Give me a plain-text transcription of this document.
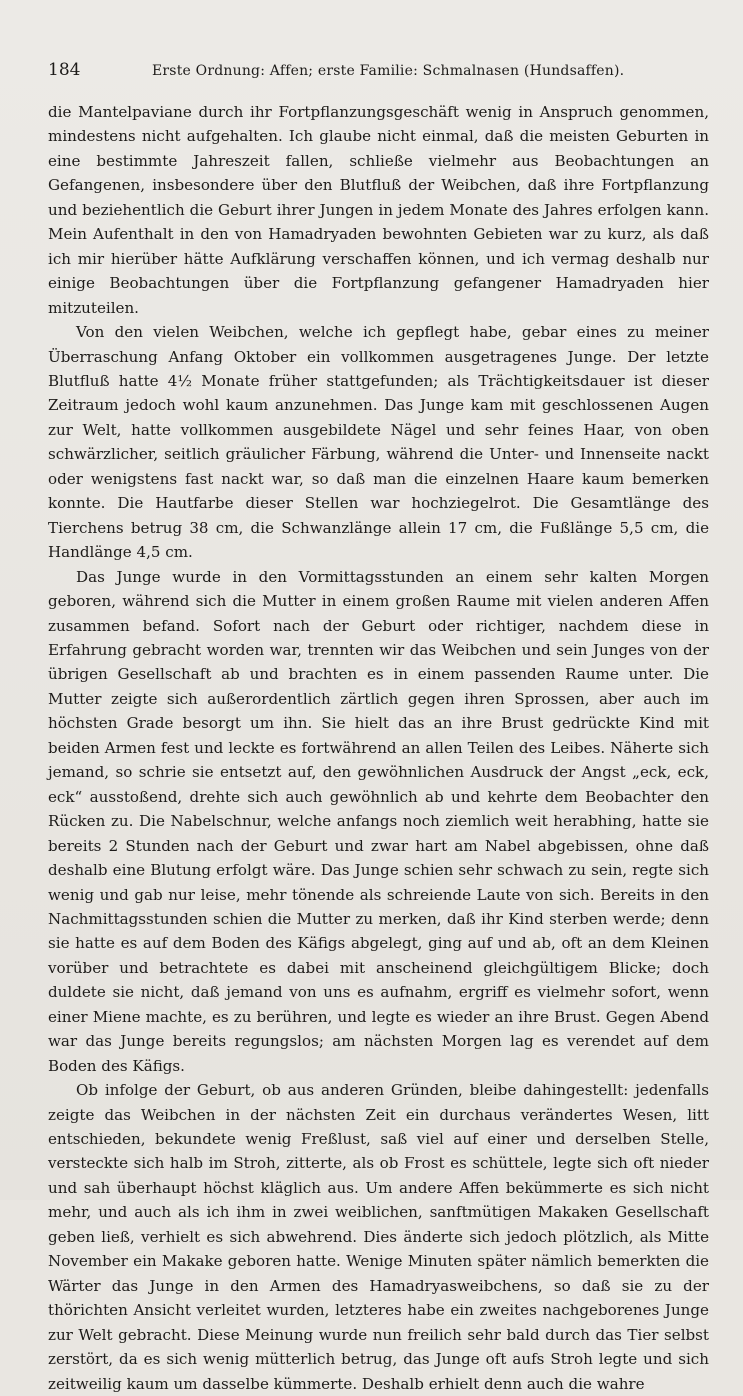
184	Erste Ordnung: Affen; erste Familie: Schmalnasen (Hundsaffen).

die Mantelpaviane durch ihr Fortpflanzungsgeschäft wenig in Anspruch genommen, mindestens nicht aufgehalten. Ich glaube nicht einmal, daß die meisten Geburten in eine bestimmte Jahreszeit fallen, schließe vielmehr aus Beobachtungen an Gefangenen, insbesondere über den Blutfluß der Weibchen, daß ihre Fortpflanzung und beziehentlich die Geburt ihrer Jungen in jedem Monate des Jahres erfolgen kann. Mein Aufenthalt in den von Hamadryaden bewohnten Gebieten war zu kurz, als daß ich mir hierüber hätte Aufklärung verschaffen können, und ich vermag deshalb nur einige Beobachtungen über die Fortpflanzung gefangener Hamadryaden hier mitzuteilen.

Von den vielen Weibchen, welche ich gepflegt habe, gebar eines zu meiner Überraschung Anfang Oktober ein vollkommen ausgetragenes Junge. Der letzte Blutfluß hatte 4½ Monate früher stattgefunden; als Trächtigkeitsdauer ist dieser Zeitraum jedoch wohl kaum anzunehmen. Das Junge kam mit geschlossenen Augen zur Welt, hatte vollkommen ausgebildete Nägel und sehr feines Haar, von oben schwärzlicher, seitlich gräulicher Färbung, während die Unter- und Innenseite nackt oder wenigstens fast nackt war, so daß man die einzelnen Haare kaum bemerken konnte. Die Hautfarbe dieser Stellen war hochziegelrot. Die Gesamtlänge des Tierchens betrug 38 cm, die Schwanzlänge allein 17 cm, die Fußlänge 5,5 cm, die Handlänge 4,5 cm.

Das Junge wurde in den Vormittagsstunden an einem sehr kalten Morgen geboren, während sich die Mutter in einem großen Raume mit vielen anderen Affen zusammen befand. Sofort nach der Geburt oder richtiger, nachdem diese in Erfahrung gebracht worden war, trennten wir das Weibchen und sein Junges von der übrigen Gesellschaft ab und brachten es in einem passenden Raume unter. Die Mutter zeigte sich außerordentlich zärtlich gegen ihren Sprossen, aber auch im höchsten Grade besorgt um ihn. Sie hielt das an ihre Brust gedrückte Kind mit beiden Armen fest und leckte es fortwährend an allen Teilen des Leibes. Näherte sich jemand, so schrie sie entsetzt auf, den gewöhnlichen Ausdruck der Angst „eck, eck, eck“ ausstoßend, drehte sich auch gewöhnlich ab und kehrte dem Beobachter den Rücken zu. Die Nabelschnur, welche anfangs noch ziemlich weit herabhing, hatte sie bereits 2 Stunden nach der Geburt und zwar hart am Nabel abgebissen, ohne daß deshalb eine Blutung erfolgt wäre. Das Junge schien sehr schwach zu sein, regte sich wenig und gab nur leise, mehr tönende als schreiende Laute von sich. Bereits in den Nachmittagsstunden schien die Mutter zu merken, daß ihr Kind sterben werde; denn sie hatte es auf dem Boden des Käfigs abgelegt, ging auf und ab, oft an dem Kleinen vorüber und betrachtete es dabei mit anscheinend gleichgültigem Blicke; doch duldete sie nicht, daß jemand von uns es aufnahm, ergriff es vielmehr sofort, wenn einer Miene machte, es zu berühren, und legte es wieder an ihre Brust. Gegen Abend war das Junge bereits regungslos; am nächsten Morgen lag es verendet auf dem Boden des Käfigs.

Ob infolge der Geburt, ob aus anderen Gründen, bleibe dahingestellt: jedenfalls zeigte das Weibchen in der nächsten Zeit ein durchaus verändertes Wesen, litt entschieden, bekundete wenig Freßlust, saß viel auf einer und derselben Stelle, versteckte sich halb im Stroh, zitterte, als ob Frost es schüttele, legte sich oft nieder und sah überhaupt höchst kläglich aus. Um andere Affen bekümmerte es sich nicht mehr, und auch als ich ihm in zwei weiblichen, sanftmütigen Makaken Gesellschaft geben ließ, verhielt es sich abwehrend. Dies änderte sich jedoch plötzlich, als Mitte November ein Makake geboren hatte. Wenige Minuten später nämlich bemerkten die Wärter das Junge in den Armen des Hamadryasweibchens, so daß sie zu der thörichten Ansicht verleitet wurden, letzteres habe ein zweites nachgeborenes Junge zur Welt gebracht. Diese Meinung wurde nun freilich sehr bald durch das Tier selbst zerstört, da es sich wenig mütterlich betrug, das Junge oft aufs Stroh legte und sich zeitweilig kaum um dasselbe kümmerte. Deshalb erhielt denn auch die wahre
